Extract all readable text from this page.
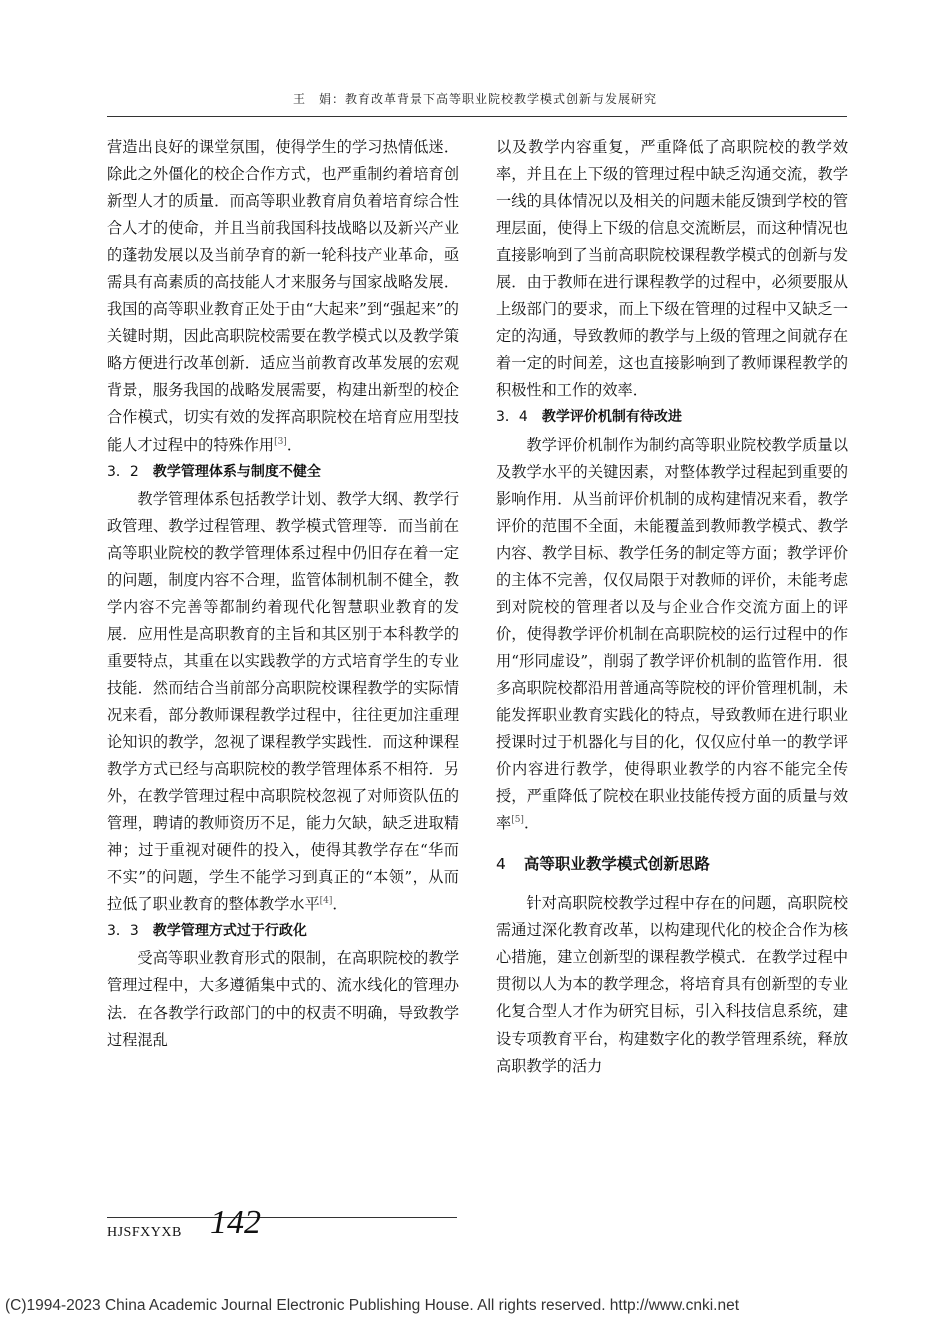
王　娟：教育改革背景下高等职业院校教学模式创新与发展研究

营造出良好的课堂氛围，使得学生的学习热情低迷．除此之外僵化的校企合作方式，也严重制约着培育创新型人才的质量．而高等职业教育肩负着培育综合性合人才的使命，并且当前我国科技战略以及新兴产业的蓬勃发展以及当前孕育的新一轮科技产业革命，亟需具有高素质的高技能人才来服务与国家战略发展．我国的高等职业教育正处于由“大起来”到“强起来”的关键时期，因此高职院校需要在教学模式以及教学策略方便进行改革创新．适应当前教育改革发展的宏观背景，服务我国的战略发展需要，构建出新型的校企合作模式，切实有效的发挥高职院校在培育应用型技能人才过程中的特殊作用[3]．

3．2 教学管理体系与制度不健全

教学管理体系包括教学计划、教学大纲、教学行政管理、教学过程管理、教学模式管理等．而当前在高等职业院校的教学管理体系过程中仍旧存在着一定的问题，制度内容不合理，监管体制机制不健全，教学内容不完善等都制约着现代化智慧职业教育的发展．应用性是高职教育的主旨和其区别于本科教学的重要特点，其重在以实践教学的方式培育学生的专业技能．然而结合当前部分高职院校课程教学的实际情况来看，部分教师课程教学过程中，往往更加注重理论知识的教学，忽视了课程教学实践性．而这种课程教学方式已经与高职院校的教学管理体系不相符．另外，在教学管理过程中高职院校忽视了对师资队伍的管理，聘请的教师资历不足，能力欠缺，缺乏进取精神；过于重视对硬件的投入，使得其教学存在“华而不实”的问题，学生不能学习到真正的“本领”，从而拉低了职业教育的整体教学水平[4]．

3．3 教学管理方式过于行政化

受高等职业教育形式的限制，在高职院校的教学管理过程中，大多遵循集中式的、流水线化的管理办法．在各教学行政部门的中的权责不明确，导致教学过程混乱

以及教学内容重复，严重降低了高职院校的教学效率，并且在上下级的管理过程中缺乏沟通交流，教学一线的具体情况以及相关的问题未能反馈到学校的管理层面，使得上下级的信息交流断层，而这种情况也直接影响到了当前高职院校课程教学模式的创新与发展．由于教师在进行课程教学的过程中，必须要服从上级部门的要求，而上下级在管理的过程中又缺乏一定的沟通，导致教师的教学与上级的管理之间就存在着一定的时间差，这也直接影响到了教师课程教学的积极性和工作的效率．

3．4 教学评价机制有待改进

教学评价机制作为制约高等职业院校教学质量以及教学水平的关键因素，对整体教学过程起到重要的影响作用．从当前评价机制的成构建情况来看，教学评价的范围不全面，未能覆盖到教师教学模式、教学内容、教学目标、教学任务的制定等方面；教学评价的主体不完善，仅仅局限于对教师的评价，未能考虑到对院校的管理者以及与企业合作交流方面上的评价，使得教学评价机制在高职院校的运行过程中的作用“形同虚设”，削弱了教学评价机制的监管作用．很多高职院校都沿用普通高等院校的评价管理机制，未能发挥职业教育实践化的特点，导致教师在进行职业授课时过于机器化与目的化，仅仅应付单一的教学评价内容进行教学，使得职业教学的内容不能完全传授，严重降低了院校在职业技能传授方面的质量与效率[5]．

4 高等职业教学模式创新思路

针对高职院校教学过程中存在的问题，高职院校需通过深化教育改革，以构建现代化的校企合作为核心措施，建立创新型的课程教学模式．在教学过程中贯彻以人为本的教学理念，将培育具有创新型的专业化复合型人才作为研究目标，引入科技信息系统，建设专项教育平台，构建数字化的教学管理系统，释放高职教学的活力

HJSFXYXB 142
(C)1994-2023 China Academic Journal Electronic Publishing House. All rights reserved. http://www.cnki.net
